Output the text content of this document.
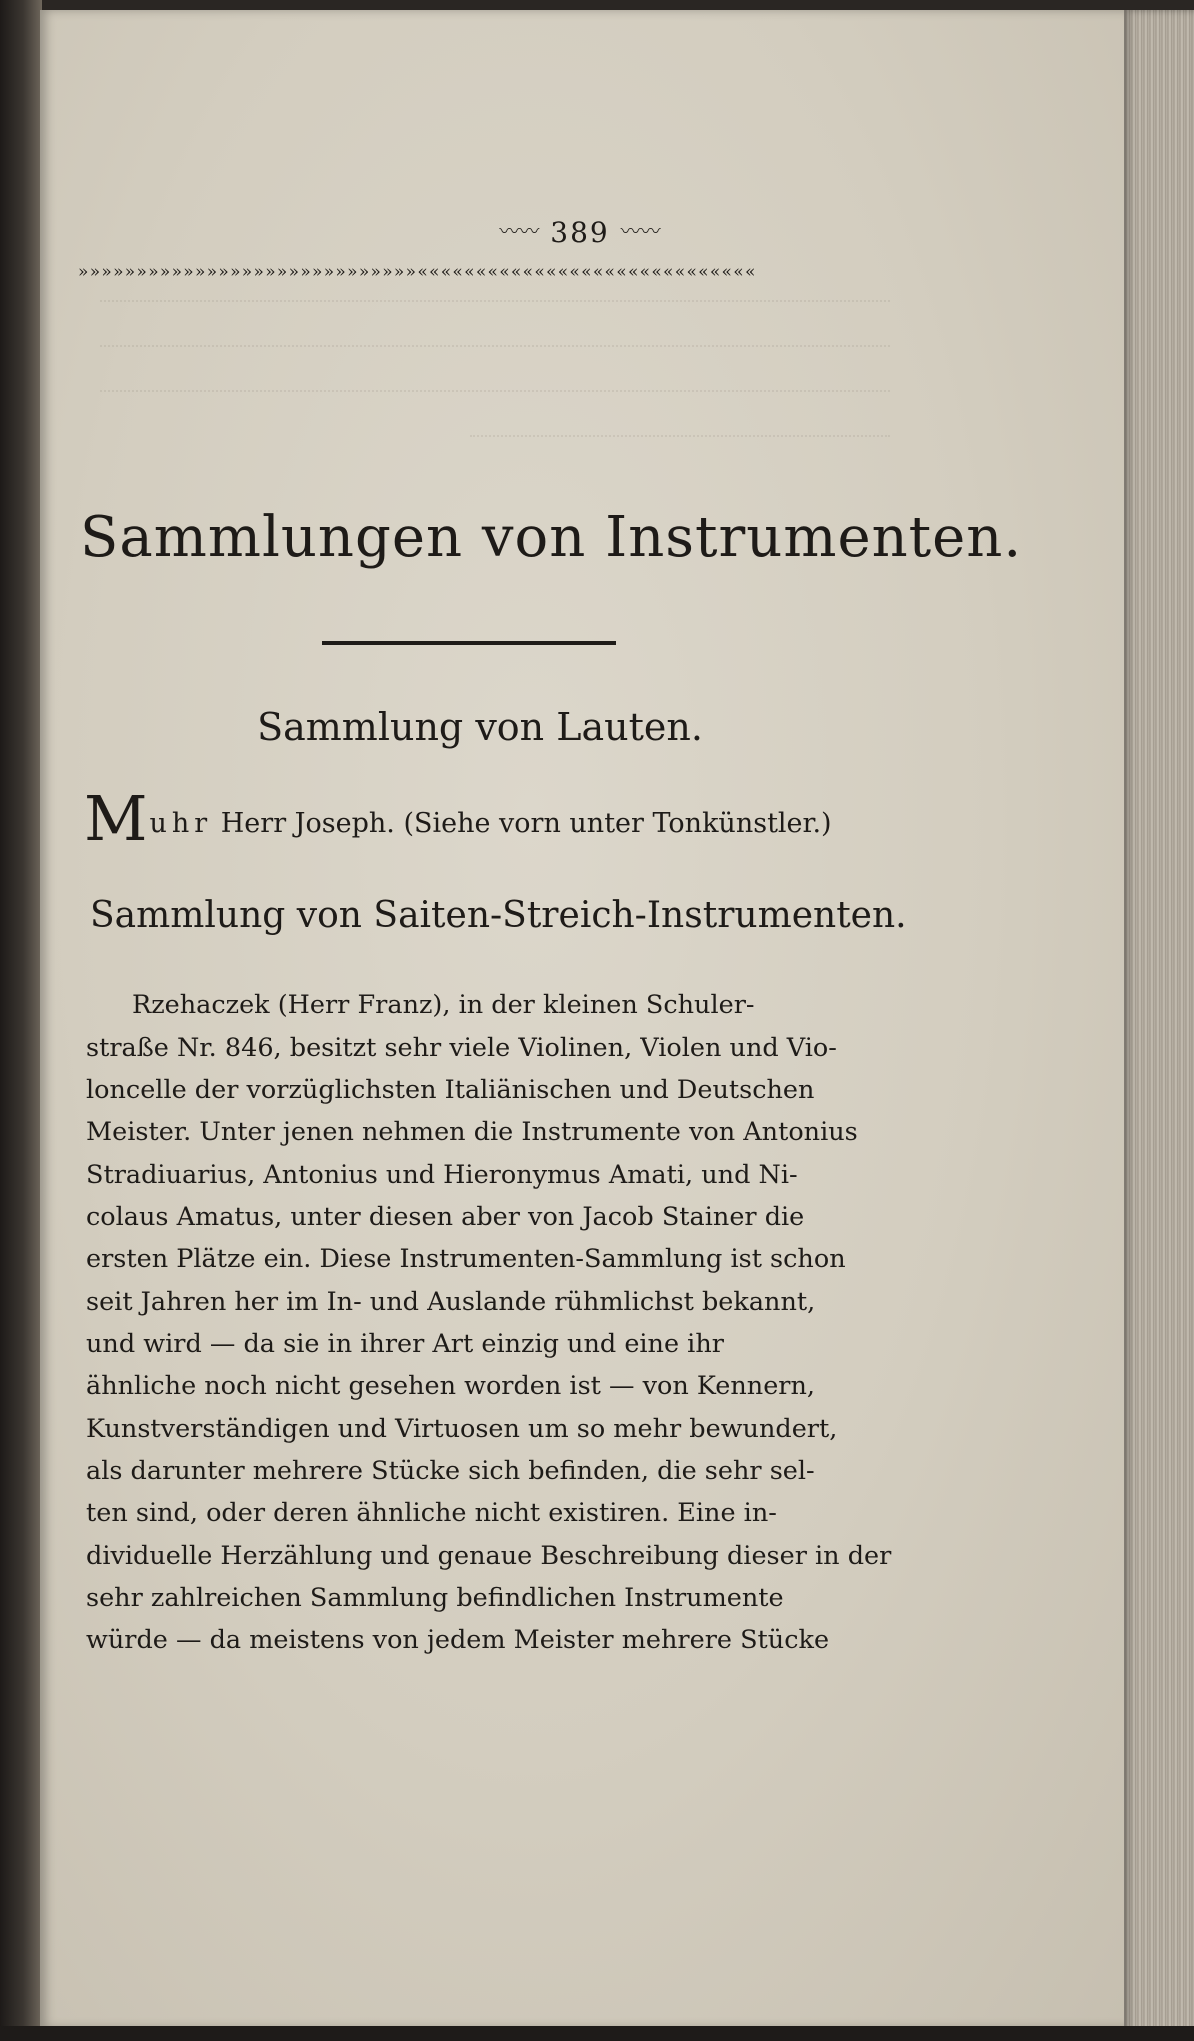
〰〰 389 〰〰
»»»»»»»»»»»»»»»»»»»»»»»»»»»»»«««««««««««««««««««««««««««««
Sammlungen von Instrumenten.
Sammlung von Lauten.
Muhr Herr Joseph. (Siehe vorn unter Tonkünstler.)
Sammlung von Saiten-Streich-Instrumenten.
Rzehaczek (Herr Franz), in der kleinen Schuler-
straße Nr. 846, besitzt sehr viele Violinen, Violen und Vio-
loncelle der vorzüglichsten Italiänischen und Deutschen
Meister. Unter jenen nehmen die Instrumente von Antonius
Stradiuarius, Antonius und Hieronymus Amati, und Ni-
colaus Amatus, unter diesen aber von Jacob Stainer die
ersten Plätze ein. Diese Instrumenten-Sammlung ist schon
seit Jahren her im In- und Auslande rühmlichst bekannt,
und wird — da sie in ihrer Art einzig und eine ihr
ähnliche noch nicht gesehen worden ist — von Kennern,
Kunstverständigen und Virtuosen um so mehr bewundert,
als darunter mehrere Stücke sich befinden, die sehr sel-
ten sind, oder deren ähnliche nicht existiren. Eine in-
dividuelle Herzählung und genaue Beschreibung dieser in der
sehr zahlreichen Sammlung befindlichen Instrumente
würde — da meistens von jedem Meister mehrere Stücke
